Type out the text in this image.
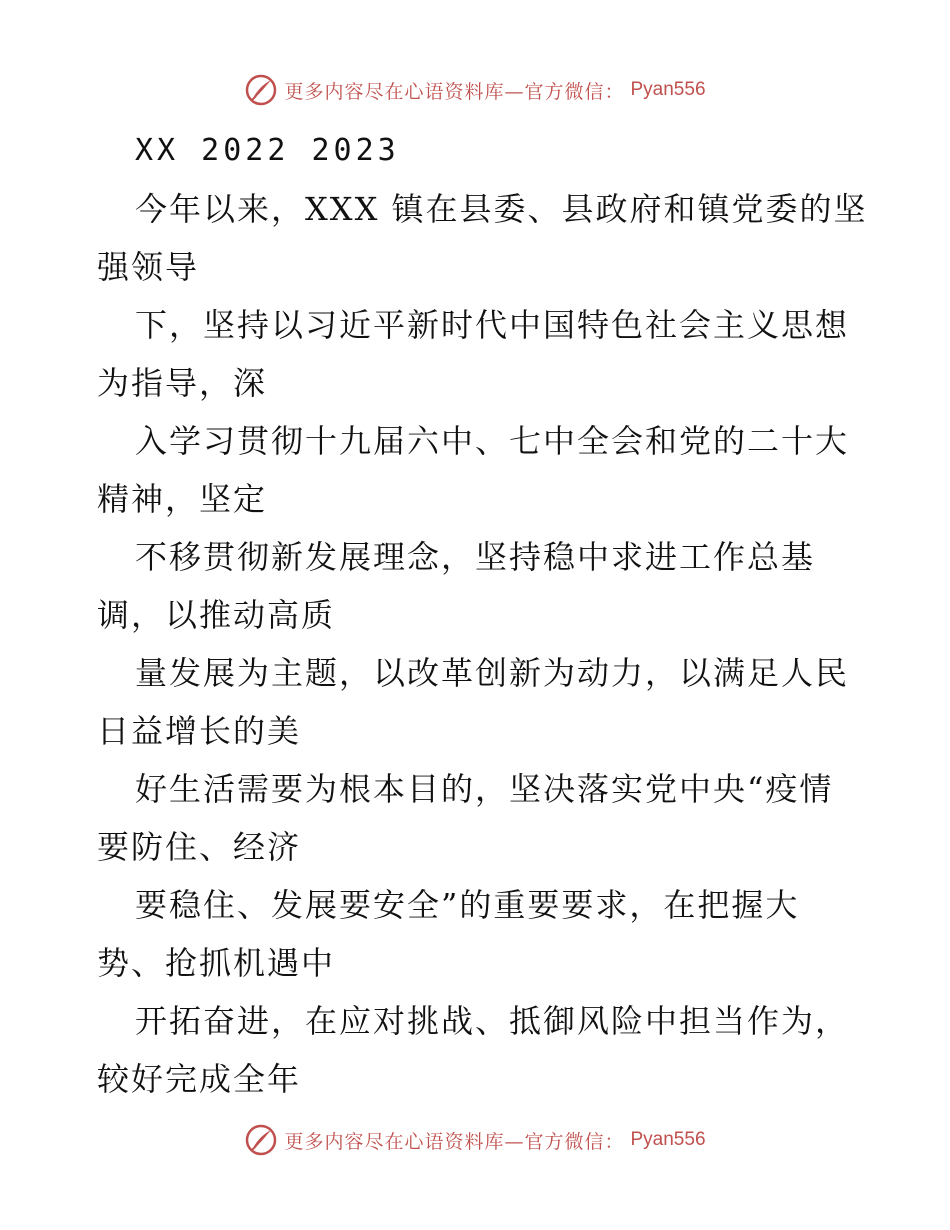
更多内容尽在心语资料库—官方微信： Pyan556
XX 2022 2023
今年以来，XXX 镇在县委、县政府和镇党委的坚
强领导
下，坚持以习近平新时代中国特色社会主义思想
为指导，深
入学习贯彻十九届六中、七中全会和党的二十大
精神，坚定
不移贯彻新发展理念，坚持稳中求进工作总基
调，以推动高质
量发展为主题，以改革创新为动力，以满足人民
日益增长的美
好生活需要为根本目的，坚决落实党中央“疫情
要防住、经济
要稳住、发展要安全”的重要要求，在把握大
势、抢抓机遇中
开拓奋进，在应对挑战、抵御风险中担当作为，
较好完成全年
更多内容尽在心语资料库—官方微信： Pyan556
